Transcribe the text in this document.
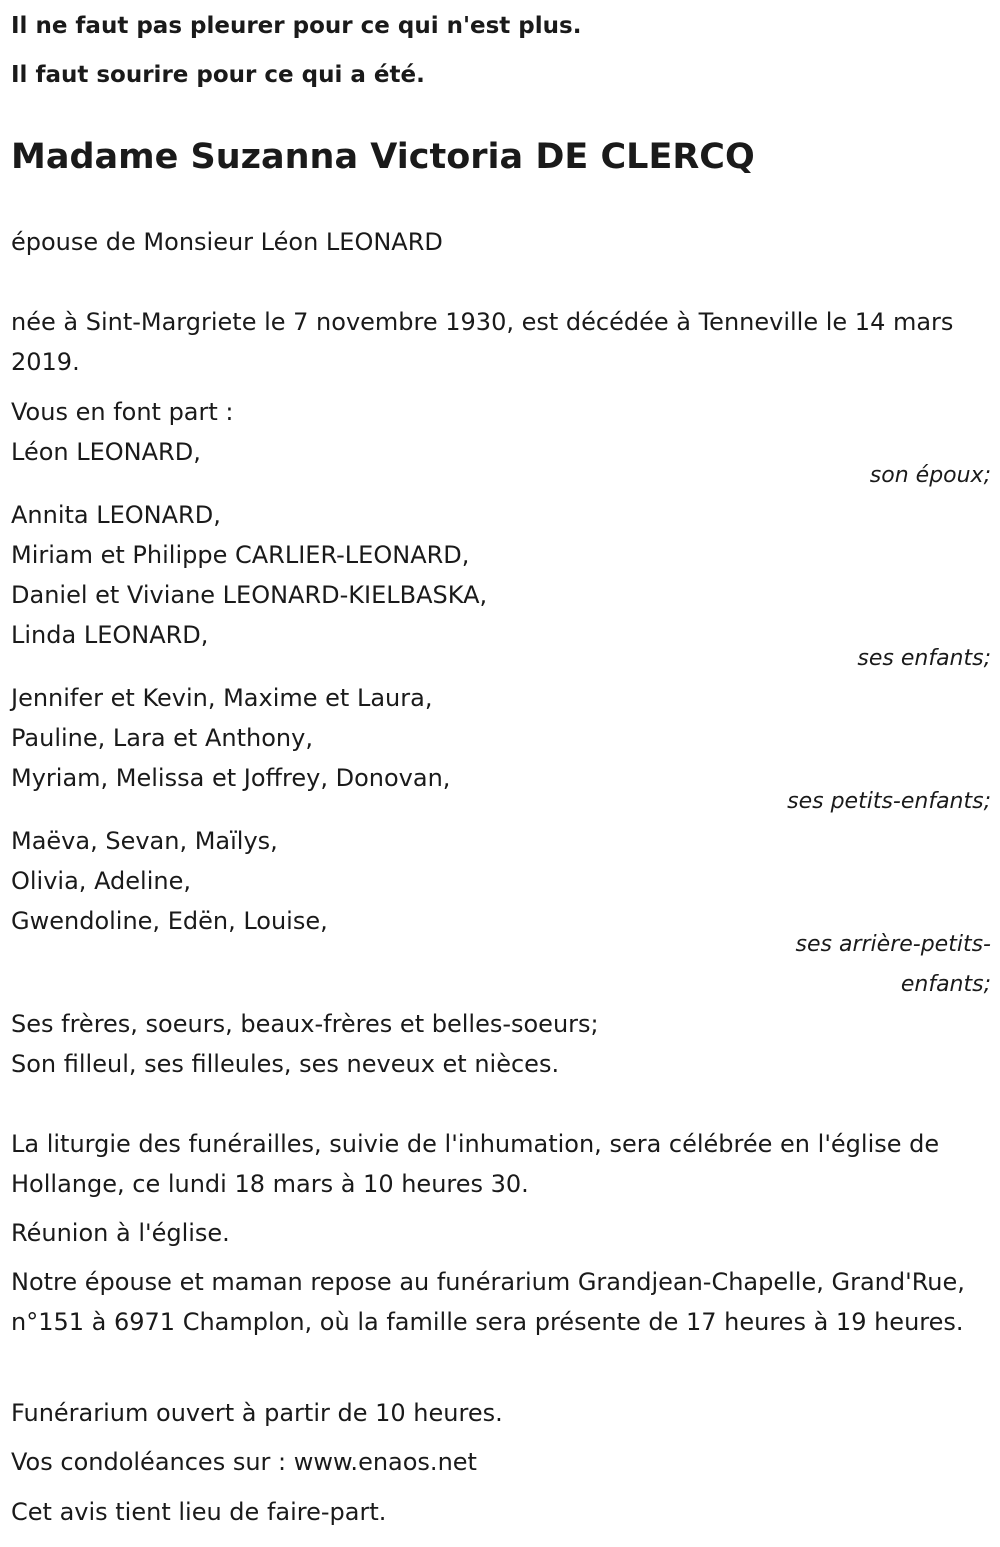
Il ne faut pas pleurer pour ce qui n'est plus.

Il faut sourire pour ce qui a été.

Madame Suzanna Victoria DE CLERCQ

épouse de Monsieur Léon LEONARD

née à Sint-Margriete le 7 novembre 1930, est décédée à Tenneville le 14 mars 2019.

Vous en font part :

Léon LEONARD,

son époux;

Annita LEONARD,

Miriam et Philippe CARLIER-LEONARD,

Daniel et Viviane LEONARD-KIELBASKA,

Linda LEONARD,

ses enfants;

Jennifer et Kevin, Maxime et Laura,

Pauline, Lara et Anthony,

Myriam, Melissa et Joffrey, Donovan,

ses petits-enfants;

Maëva, Sevan, Maïlys,

Olivia, Adeline,

Gwendoline, Edën, Louise,

ses arrière-petits-

enfants;

Ses frères, soeurs, beaux-frères et belles-soeurs;

Son filleul, ses filleules, ses neveux et nièces.

La liturgie des funérailles, suivie de l'inhumation, sera célébrée en l'église de Hollange, ce lundi 18 mars à 10 heures 30.

Réunion à l'église.

Notre épouse et maman repose au funérarium Grandjean-Chapelle, Grand'Rue, n°151 à 6971 Champlon, où la famille sera présente de 17 heures à 19 heures.

Funérarium ouvert à partir de 10 heures.

Vos condoléances sur : www.enaos.net

Cet avis tient lieu de faire-part.
